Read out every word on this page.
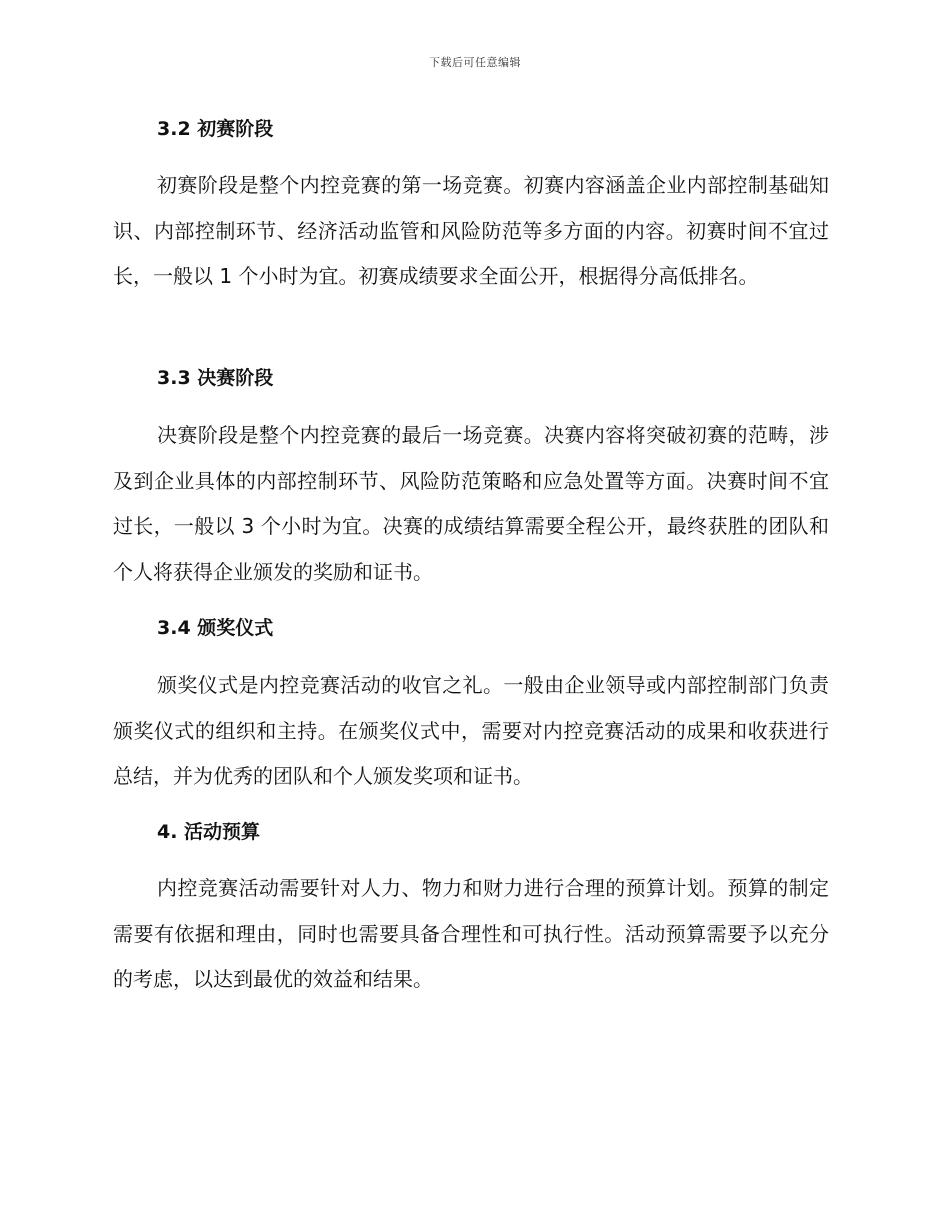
下载后可任意编辑
3.2 初赛阶段

初赛阶段是整个内控竞赛的第一场竞赛。初赛内容涵盖企业内部控制基础知识、内部控制环节、经济活动监管和风险防范等多方面的内容。初赛时间不宜过长，一般以 1 个小时为宜。初赛成绩要求全面公开，根据得分高低排名。

3.3 决赛阶段

决赛阶段是整个内控竞赛的最后一场竞赛。决赛内容将突破初赛的范畴，涉及到企业具体的内部控制环节、风险防范策略和应急处置等方面。决赛时间不宜过长，一般以 3 个小时为宜。决赛的成绩结算需要全程公开，最终获胜的团队和个人将获得企业颁发的奖励和证书。

3.4 颁奖仪式

颁奖仪式是内控竞赛活动的收官之礼。一般由企业领导或内部控制部门负责颁奖仪式的组织和主持。在颁奖仪式中，需要对内控竞赛活动的成果和收获进行总结，并为优秀的团队和个人颁发奖项和证书。

4. 活动预算

内控竞赛活动需要针对人力、物力和财力进行合理的预算计划。预算的制定需要有依据和理由，同时也需要具备合理性和可执行性。活动预算需要予以充分的考虑，以达到最优的效益和结果。
